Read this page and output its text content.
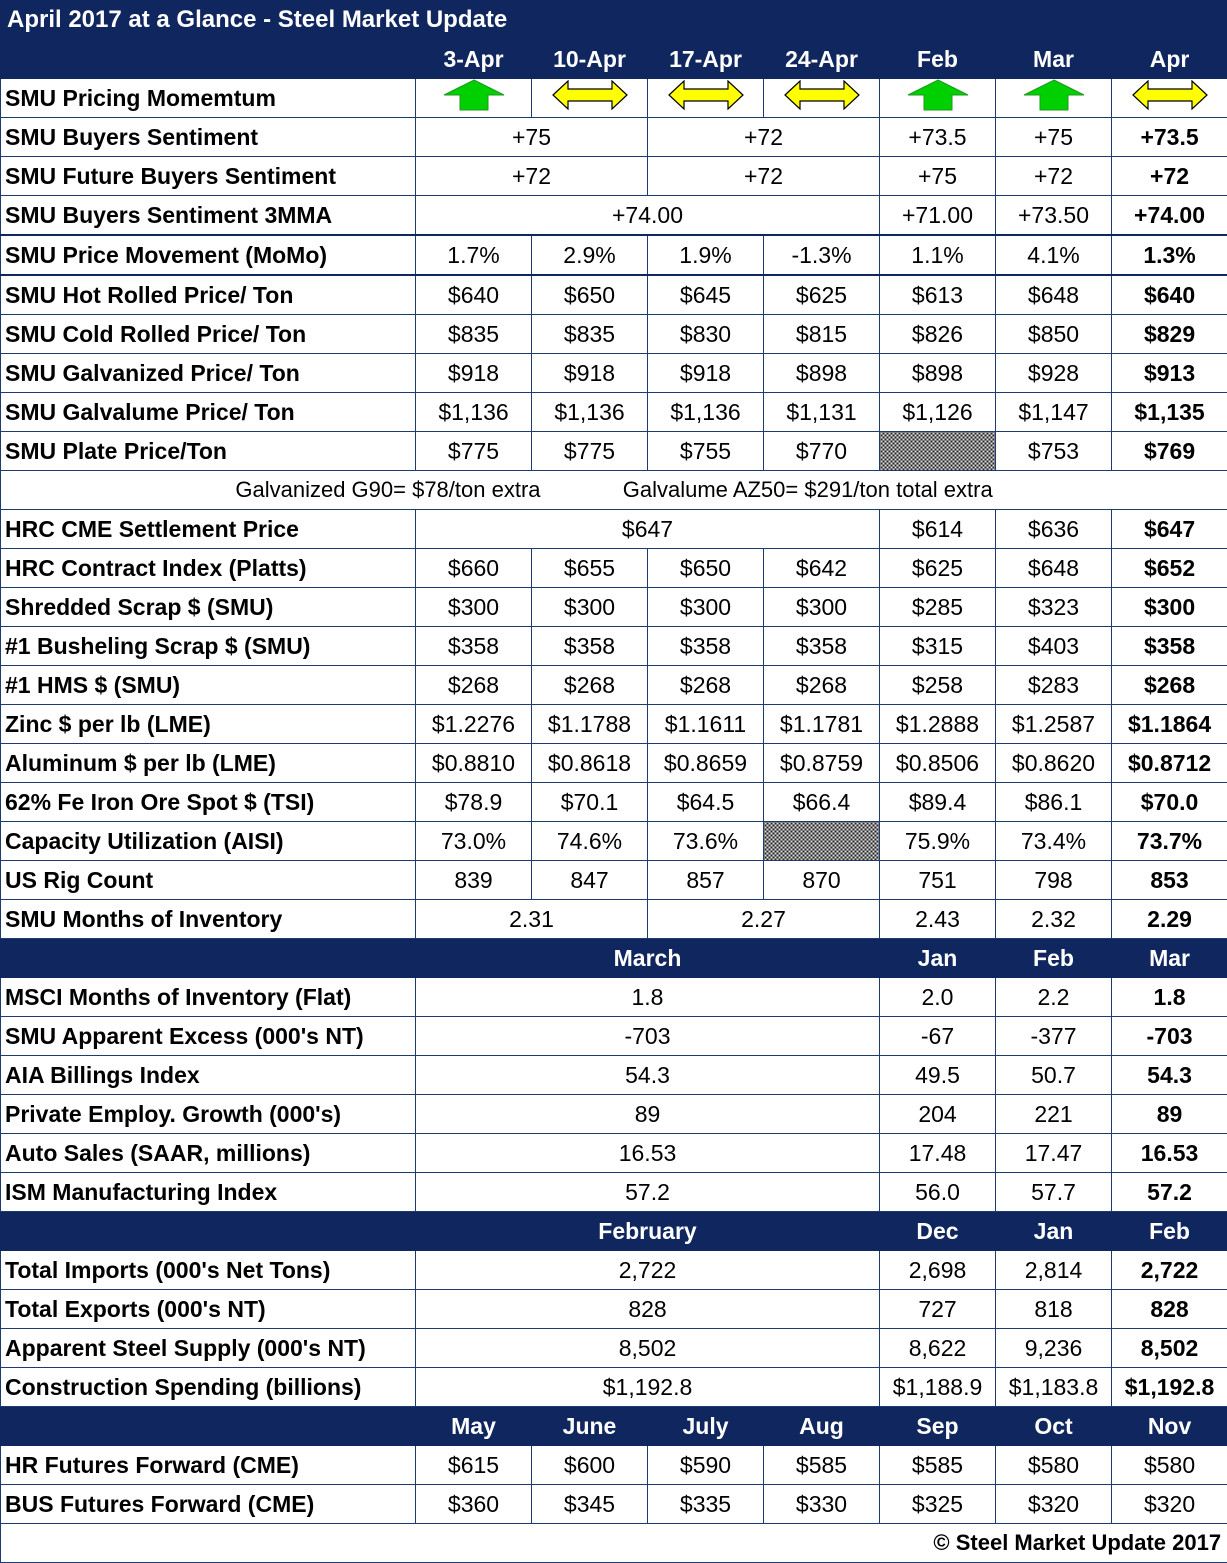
April 2017 at a Glance - Steel Market Update							
	3-Apr	10-Apr	17-Apr	24-Apr	Feb	Mar	Apr
SMU Pricing Momemtum							
SMU Buyers Sentiment	+75		+72		+73.5	+75	+73.5
SMU Future Buyers Sentiment	+72		+72		+75	+72	+72
SMU Buyers Sentiment 3MMA	+74.00				+71.00	+73.50	+74.00
SMU Price Movement (MoMo)	1.7%	2.9%	1.9%	-1.3%	1.1%	4.1%	1.3%
SMU Hot Rolled Price/ Ton	$640	$650	$645	$625	$613	$648	$640
SMU Cold Rolled Price/ Ton	$835	$835	$830	$815	$826	$850	$829
SMU Galvanized Price/ Ton	$918	$918	$918	$898	$898	$928	$913
SMU Galvalume Price/ Ton	$1,136	$1,136	$1,136	$1,131	$1,126	$1,147	$1,135
SMU Plate Price/Ton	$775	$775	$755	$770		$753	$769
Galvanized G90= $78/ton extra Galvalume AZ50= $291/ton total extra							
HRC CME Settlement Price	$647				$614	$636	$647
HRC Contract Index (Platts)	$660	$655	$650	$642	$625	$648	$652
Shredded Scrap $ (SMU)	$300	$300	$300	$300	$285	$323	$300
#1 Busheling Scrap $ (SMU)	$358	$358	$358	$358	$315	$403	$358
#1 HMS $ (SMU)	$268	$268	$268	$268	$258	$283	$268
Zinc $ per lb (LME)	$1.2276	$1.1788	$1.1611	$1.1781	$1.2888	$1.2587	$1.1864
Aluminum $ per lb (LME)	$0.8810	$0.8618	$0.8659	$0.8759	$0.8506	$0.8620	$0.8712
62% Fe Iron Ore Spot $ (TSI)	$78.9	$70.1	$64.5	$66.4	$89.4	$86.1	$70.0
Capacity Utilization (AISI)	73.0%	74.6%	73.6%		75.9%	73.4%	73.7%
US Rig Count	839	847	857	870	751	798	853
SMU Months of Inventory	2.31		2.27		2.43	2.32	2.29
	March				Jan	Feb	Mar
MSCI Months of Inventory (Flat)	1.8				2.0	2.2	1.8
SMU Apparent Excess (000's NT)	-703				-67	-377	-703
AIA Billings Index	54.3				49.5	50.7	54.3
Private Employ. Growth (000's)	89				204	221	89
Auto Sales (SAAR, millions)	16.53				17.48	17.47	16.53
ISM Manufacturing Index	57.2				56.0	57.7	57.2
	February				Dec	Jan	Feb
Total Imports (000's Net Tons)	2,722				2,698	2,814	2,722
Total Exports (000's NT)	828				727	818	828
Apparent Steel Supply (000's NT)	8,502				8,622	9,236	8,502
Construction Spending (billions)	$1,192.8				$1,188.9	$1,183.8	$1,192.8
	May	June	July	Aug	Sep	Oct	Nov
HR Futures Forward (CME)	$615	$600	$590	$585	$585	$580	$580
BUS Futures Forward (CME)	$360	$345	$335	$330	$325	$320	$320
© Steel Market Update 2017							
